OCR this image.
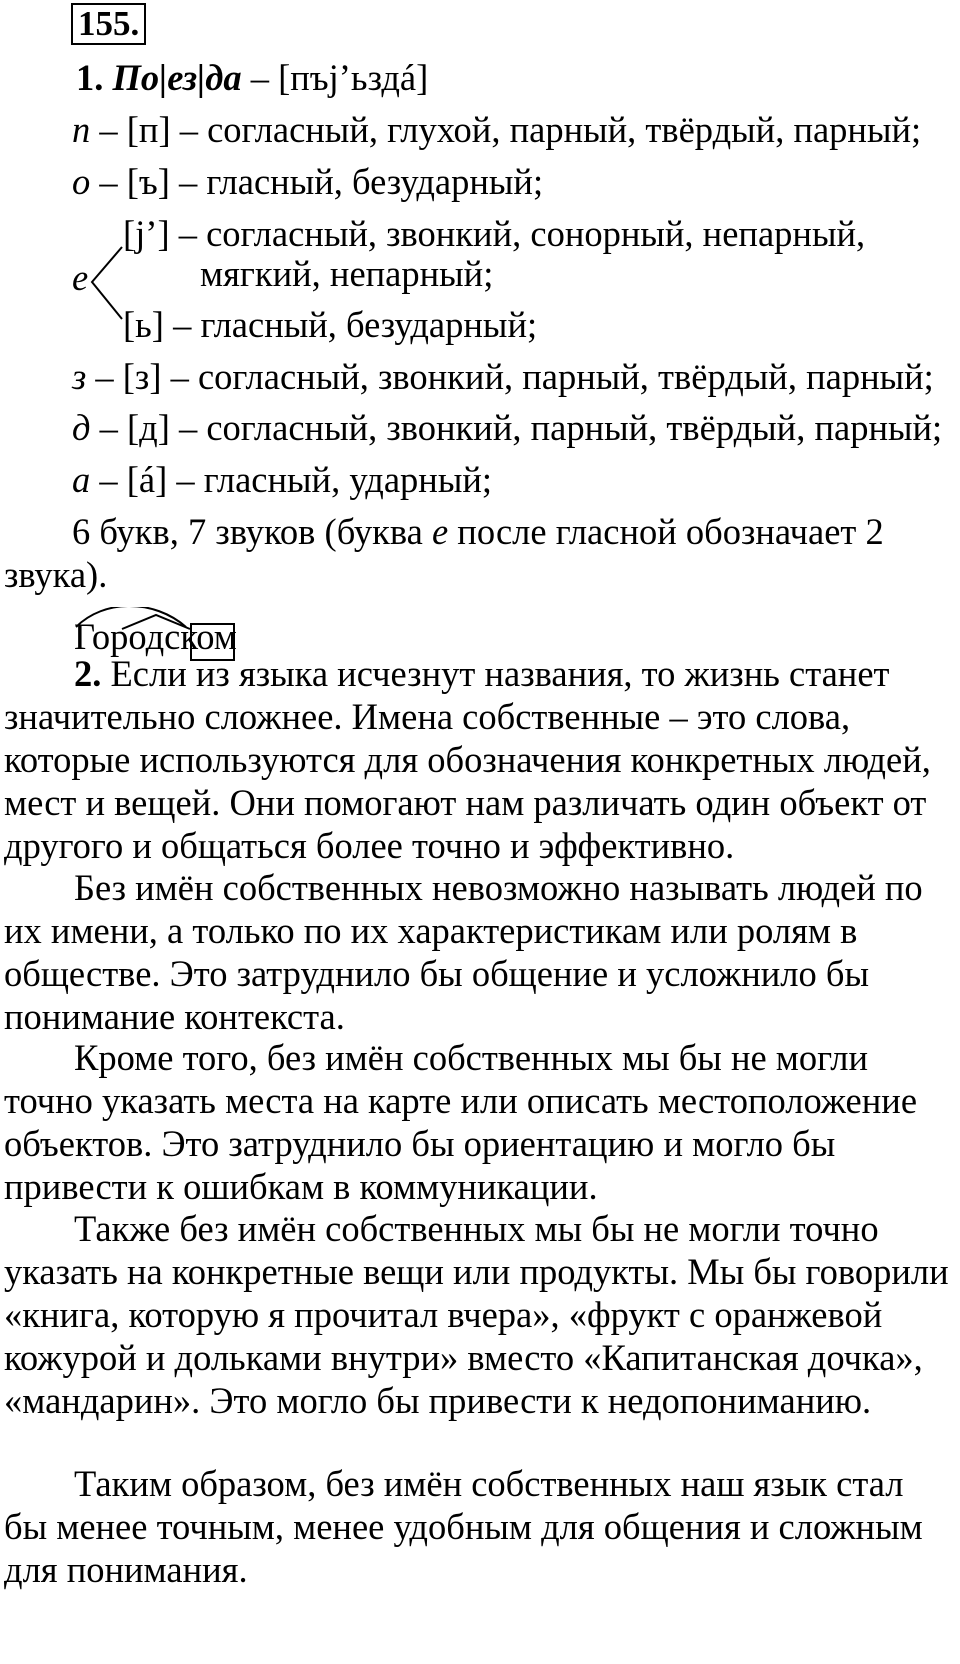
155.
1. По|ез|да – [пъj’ьздá]
п – [п] – согласный, глухой, парный, твёрдый, парный;
о – [ъ] – гласный, безударный;
е
[j’] – согласный, звонкий, сонорный, непарный,
мягкий, непарный;
[ь] – гласный, безударный;
з – [з] – согласный, звонкий, парный, твёрдый, парный;
д – [д] – согласный, звонкий, парный, твёрдый, парный;
а – [á] – гласный, ударный;
6 букв, 7 звуков (буква е после гласной обозначает 2
звука).
Городском

2. Если из языка исчезнут названия, то жизнь станет значительно сложнее. Имена собственные – это слова, которые используются для обозначения конкретных людей, мест и вещей. Они помогают нам различать один объект от другого и общаться более точно и эффективно.

Без имён собственных невозможно называть людей по их имени, а только по их характеристикам или ролям в обществе. Это затруднило бы общение и усложнило бы понимание контекста.

Кроме того, без имён собственных мы бы не могли точно указать места на карте или описать местоположение объектов. Это затруднило бы ориентацию и могло бы привести к ошибкам в коммуникации.

Также без имён собственных мы бы не могли точно указать на конкретные вещи или продукты. Мы бы говорили «книга, которую я прочитал вчера», «фрукт с оранжевой кожурой и дольками внутри» вместо «Капитанская дочка», «мандарин». Это могло бы привести к недопониманию.

Таким образом, без имён собственных наш язык стал бы менее точным, менее удобным для общения и сложным для понимания.
